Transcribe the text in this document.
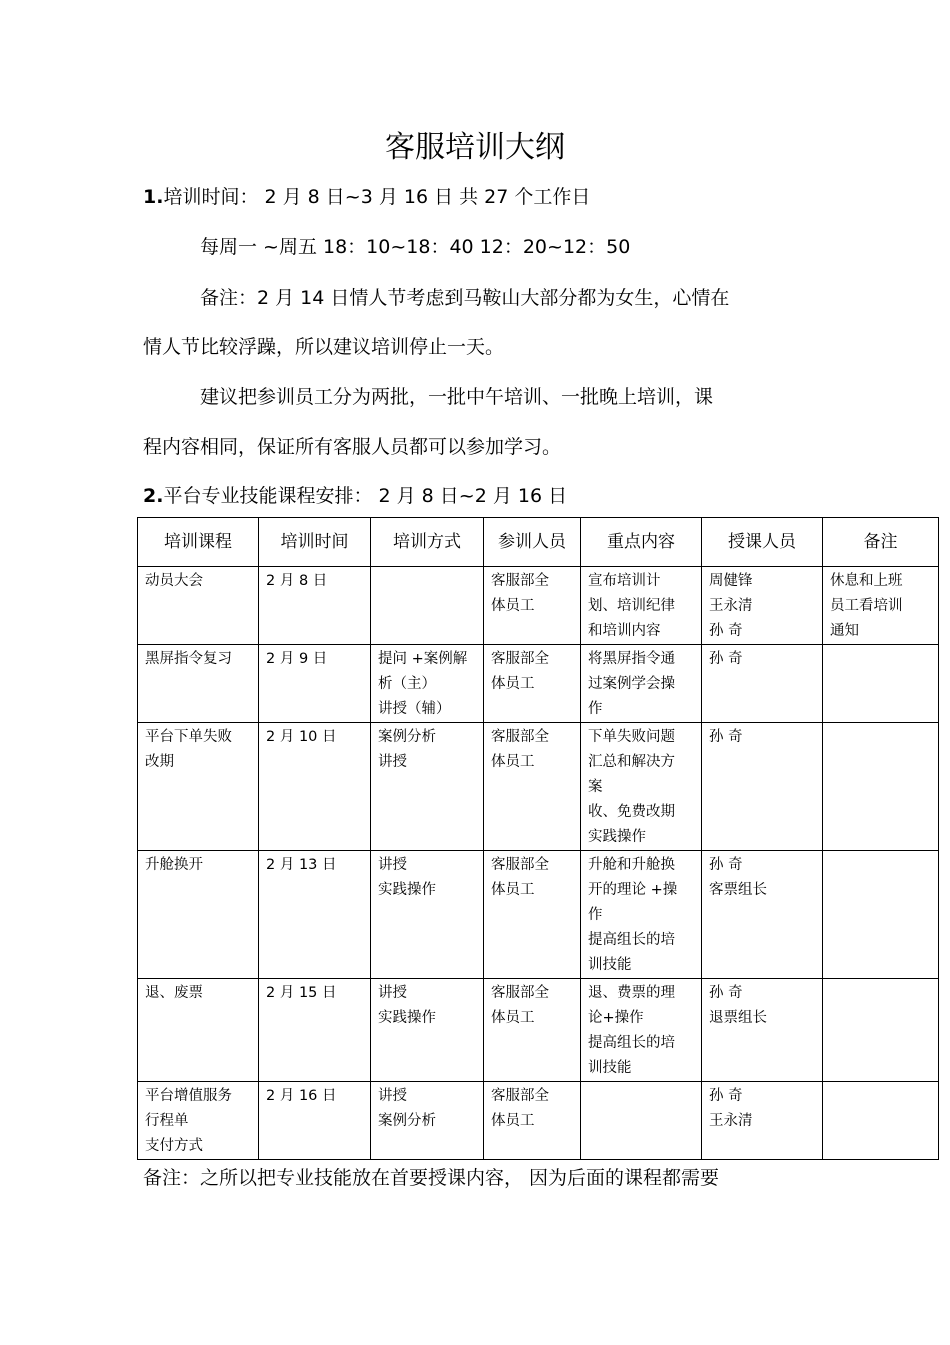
客服培训大纲
1.培训时间： 2 月 8 日~3 月 16 日 共 27 个工作日
每周一 ~周五 18：10~18：40 12：20~12：50
备注：2 月 14 日情人节考虑到马鞍山大部分都为女生，心情在
情人节比较浮躁，所以建议培训停止一天。
建议把参训员工分为两批，一批中午培训、一批晚上培训，课
程内容相同，保证所有客服人员都可以参加学习。
2.平台专业技能课程安排： 2 月 8 日~2 月 16 日
培训课程	培训时间	培训方式	参训人员	重点内容	授课人员	备注
动员大会	2 月 8 日		客服部全
体员工	宣布培训计
划、培训纪律
和培训内容	周健锋
王永清
孙 奇	休息和上班
员工看培训
通知
黑屏指令复习	2 月 9 日	提问 +案例解
析（主）
讲授（辅）	客服部全
体员工	将黑屏指令通
过案例学会操
作	孙 奇	
平台下单失败
改期	2 月 10 日	案例分析
讲授	客服部全
体员工	下单失败问题
汇总和解决方
案
收、免费改期
实践操作	孙 奇	
升舱换开	2 月 13 日	讲授
实践操作	客服部全
体员工	升舱和升舱换
开的理论 +操
作
提高组长的培
训技能	孙 奇
客票组长	
退、废票	2 月 15 日	讲授
实践操作	客服部全
体员工	退、费票的理
论+操作
提高组长的培
训技能	孙 奇
退票组长	
平台增值服务
行程单
支付方式	2 月 16 日	讲授
案例分析	客服部全
体员工		孙 奇
王永清	
备注：之所以把专业技能放在首要授课内容， 因为后面的课程都需要
